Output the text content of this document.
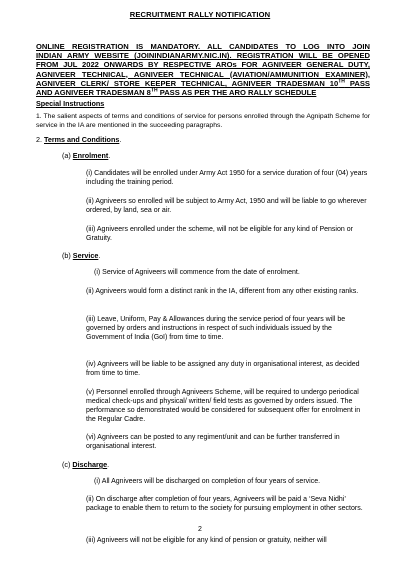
RECRUITMENT RALLY NOTIFICATION
ONLINE REGISTRATION IS MANDATORY. ALL CANDIDATES TO LOG INTO JOIN
INDIAN ARMY WEBSITE (JOININDIANARMY.NIC.IN). REGISTRATION WILL BE OPENED
FROM JUL 2022 ONWARDS BY RESPECTIVE AROs FOR AGNIVEER GENERAL DUTY,
AGNIVEER TECHNICAL, AGNIVEER TECHNICAL (AVIATION/AMMUNITION EXAMINER),
AGNIVEER CLERK/ STORE KEEPER TECHNICAL, AGNIVEER TRADESMAN 10TH PASS
AND AGNIVEER TRADESMAN 8TH PASS AS PER THE ARO RALLY SCHEDULE
Special Instructions
1. The salient aspects of terms and conditions of service for persons enrolled through the Agnipath Scheme for service in the IA are mentioned in the succeeding paragraphs.
2. Terms and Conditions.
(a) Enrolment.
(i) Candidates will be enrolled under Army Act 1950 for a service duration of four (04) years including the training period.
(ii) Agniveers so enrolled will be subject to Army Act, 1950 and will be liable to go wherever ordered, by land, sea or air.
(iii) Agniveers enrolled under the scheme, will not be eligible for any kind of Pension or Gratuity.
(b) Service.
(i) Service of Agniveers will commence from the date of enrolment.
(ii) Agniveers would form a distinct rank in the IA, different from any other existing ranks.
(iii) Leave, Uniform, Pay & Allowances during the service period of four years will be governed by orders and instructions in respect of such individuals issued by the Government of India (GoI) from time to time.
(iv) Agniveers will be liable to be assigned any duty in organisational interest, as decided from time to time.
(v) Personnel enrolled through Agniveers Scheme, will be required to undergo periodical medical check-ups and physical/ written/ field tests as governed by orders issued. The performance so demonstrated would be considered for subsequent offer for enrolment in the Regular Cadre.
(vi) Agniveers can be posted to any regiment/unit and can be further transferred in organisational interest.
(c) Discharge.
(i) All Agniveers will be discharged on completion of four years of service.
(ii) On discharge after completion of four years, Agniveers will be paid a ‘Seva Nidhi’ package to enable them to return to the society for pursuing employment in other sectors.
2
(iii) Agniveers will not be eligible for any kind of pension or gratuity, neither will
